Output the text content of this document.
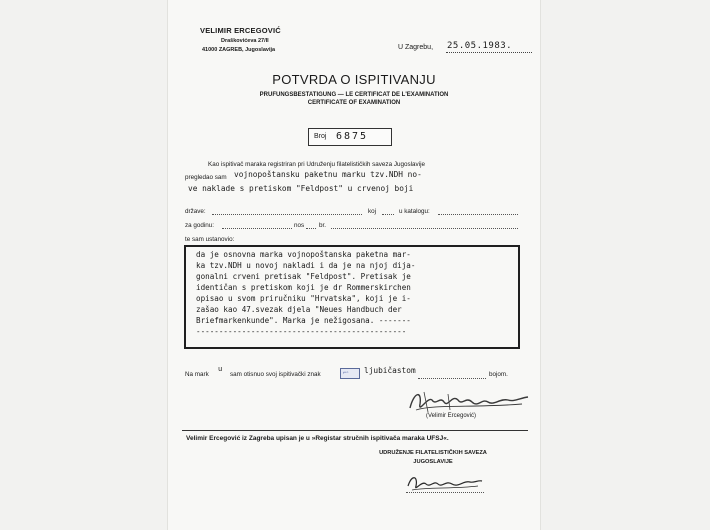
VELIMIR ERCEGOVIĆ
Draškovićeva 27/II
41000 ZAGREB, Jugoslavija	U Zagrebu, 25.05.1983.
POTVRDA O ISPITIVANJU
PRUFUNGSBESTATIGUNG — LE CERTIFICAT DE L'EXAMINATION
CERTIFICATE OF EXAMINATION
Broj 6875
Kao ispitivač maraka registriran pri Udruženju filatelističkih saveza Jugoslavije
pregledao sam vojnopoštansku paketnu marku tzv.NDH no-
ve naklade s pretiskom "Feldpost" u crvenoj boji
države:	koj	u katalogu:
za godinu:	nos br.
te sam ustanovio:
da je osnovna marka vojnopoštanska paketna mar-
ka tzv.NDH u novoj nakladi i da je na njoj dija-
gonalni crveni pretisak "Feldpost". Pretisak je
identičan s pretiskom koji je dr Rommerskirchen
opisao u svom priručniku "Hrvatska", koji je i-
zašao kao 47.svezak djela "Neues Handbuch der
Briefmarkenkunde". Marka je nežigosana. -------
----------------------------------------------
Na mark
u
sam otisnuo svoj ispitivački znak	⌐◦ ljubičastom	bojom.
(Velimir Ercegović)
Velimir Ercegović iz Zagreba upisan je u »Registar stručnih ispitivača maraka UFSJ«.
UDRUŽENJE FILATELISTIČKIH SAVEZA
JUGOSLAVIJE
